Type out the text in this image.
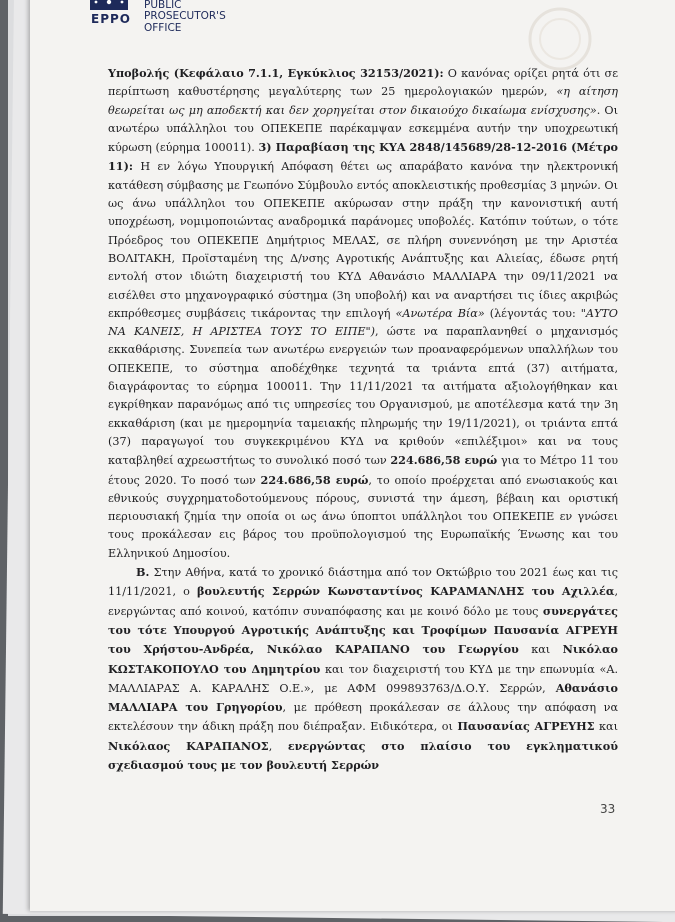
EPPO
PUBLIC
PROSECUTOR'S
OFFICE

Υποβολής (Κεφάλαιο 7.1.1, Εγκύκλιος 32153/2021): Ο κανόνας ορίζει ρητά ότι σε περίπτωση καθυστέρησης μεγαλύτερης των 25 ημερολογιακών ημερών, «η αίτηση θεωρείται ως μη αποδεκτή και δεν χορηγείται στον δικαιούχο δικαίωμα ενίσχυσης». Οι ανωτέρω υπάλληλοι του ΟΠΕΚΕΠΕ παρέκαμψαν εσκεμμένα αυτήν την υποχρεωτική κύρωση (εύρημα 100011). 3) Παραβίαση της ΚΥΑ 2848/145689/28-12-2016 (Μέτρο 11): Η εν λόγω Υπουργική Απόφαση θέτει ως απαράβατο κανόνα την ηλεκτρονική κατάθεση σύμβασης με Γεωπόνο Σύμβουλο εντός αποκλειστικής προθεσμίας 3 μηνών. Οι ως άνω υπάλληλοι του ΟΠΕΚΕΠΕ ακύρωσαν στην πράξη την κανονιστική αυτή υποχρέωση, νομιμοποιώντας αναδρομικά παράνομες υποβολές. Κατόπιν τούτων, ο τότε Πρόεδρος του ΟΠΕΚΕΠΕ Δημήτριος ΜΕΛΑΣ, σε πλήρη συνεννόηση με την Αριστέα ΒΟΛΙΤΑΚΗ, Προϊσταμένη της Δ/νσης Αγροτικής Ανάπτυξης και Αλιείας, έδωσε ρητή εντολή στον ιδιώτη διαχειριστή του ΚΥΔ Αθανάσιο ΜΑΛΛΙΑΡΑ την 09/11/2021 να εισέλθει στο μηχανογραφικό σύστημα (3η υποβολή) και να αναρτήσει τις ίδιες ακριβώς εκπρόθεσμες συμβάσεις τικάροντας την επιλογή «Ανωτέρα Βία» (λέγοντάς του: "ΑΥΤΟ ΝΑ ΚΑΝΕΙΣ, Η ΑΡΙΣΤΕΑ ΤΟΥΣ ΤΟ ΕΙΠΕ"), ώστε να παραπλανηθεί ο μηχανισμός εκκαθάρισης. Συνεπεία των ανωτέρω ενεργειών των προαναφερόμενων υπαλλήλων του ΟΠΕΚΕΠΕ, το σύστημα αποδέχθηκε τεχνητά τα τριάντα επτά (37) αιτήματα, διαγράφοντας το εύρημα 100011. Την 11/11/2021 τα αιτήματα αξιολογήθηκαν και εγκρίθηκαν παρανόμως από τις υπηρεσίες του Οργανισμού, με αποτέλεσμα κατά την 3η εκκαθάριση (και με ημερομηνία ταμειακής πληρωμής την 19/11/2021), οι τριάντα επτά (37) παραγωγοί του συγκεκριμένου ΚΥΔ να κριθούν «επιλέξιμοι» και να τους καταβληθεί αχρεωστήτως το συνολικό ποσό των 224.686,58 ευρώ για το Μέτρο 11 του έτους 2020. Το ποσό των 224.686,58 ευρώ, το οποίο προέρχεται από ενωσιακούς και εθνικούς συγχρηματοδοτούμενους πόρους, συνιστά την άμεση, βέβαιη και οριστική περιουσιακή ζημία την οποία οι ως άνω ύποπτοι υπάλληλοι του ΟΠΕΚΕΠΕ εν γνώσει τους προκάλεσαν εις βάρος του προϋπολογισμού της Ευρωπαϊκής Ένωσης και του Ελληνικού Δημοσίου.

Β. Στην Αθήνα, κατά το χρονικό διάστημα από τον Οκτώβριο του 2021 έως και τις 11/11/2021, ο βουλευτής Σερρών Κωνσταντίνος ΚΑΡΑΜΑΝΛΗΣ του Αχιλλέα, ενεργώντας από κοινού, κατόπιν συναπόφασης και με κοινό δόλο με τους συνεργάτες του τότε Υπουργού Αγροτικής Ανάπτυξης και Τροφίμων Παυσανία ΑΓΡΕΥΗ του Χρήστου-Ανδρέα, Νικόλαο ΚΑΡΑΠΑΝΟ του Γεωργίου και Νικόλαο ΚΩΣΤΑΚΟΠΟΥΛΟ του Δημητρίου και τον διαχειριστή του ΚΥΔ με την επωνυμία «Α. ΜΑΛΛΙΑΡΑΣ Α. ΚΑΡΑΛΗΣ Ο.Ε.», με ΑΦΜ 099893763/Δ.Ο.Υ. Σερρών, Αθανάσιο ΜΑΛΛΙΑΡΑ του Γρηγορίου, με πρόθεση προκάλεσαν σε άλλους την απόφαση να εκτελέσουν την άδικη πράξη που διέπραξαν. Ειδικότερα, οι Παυσανίας ΑΓΡΕΥΗΣ και Νικόλαος ΚΑΡΑΠΑΝΟΣ, ενεργώντας στο πλαίσιο του εγκληματικού σχεδιασμού τους με τον βουλευτή Σερρών

33
